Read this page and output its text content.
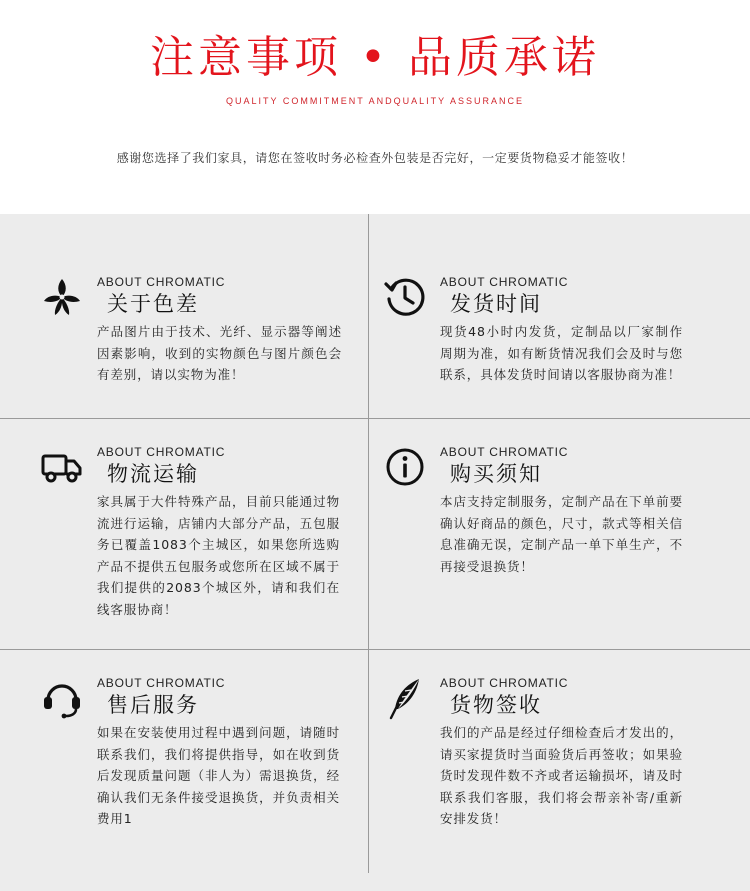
注意事项 • 品质承诺
QUALITY COMMITMENT ANDQUALITY ASSURANCE
感谢您选择了我们家具，请您在签收时务必检查外包装是否完好，一定要货物稳妥才能签收！
ABOUT CHROMATIC
关于色差
产品图片由于技术、光纤、显示器等阐述因素影响，收到的实物颜色与图片颜色会有差别，请以实物为准！
ABOUT CHROMATIC
发货时间
现货48小时内发货，定制品以厂家制作周期为准，如有断货情况我们会及时与您联系，具体发货时间请以客服协商为准！
ABOUT CHROMATIC
物流运输
家具属于大件特殊产品，目前只能通过物流进行运输，店铺内大部分产品，五包服务已覆盖1083个主城区，如果您所选购产品不提供五包服务或您所在区域不属于我们提供的2083个城区外，请和我们在线客服协商！
ABOUT CHROMATIC
购买须知
本店支持定制服务，定制产品在下单前要确认好商品的颜色，尺寸，款式等相关信息准确无误，定制产品一单下单生产，不再接受退换货！
ABOUT CHROMATIC
售后服务
如果在安装使用过程中遇到问题，请随时联系我们，我们将提供指导，如在收到货后发现质量问题（非人为）需退换货，经确认我们无条件接受退换货，并负责相关费用1
ABOUT CHROMATIC
货物签收
我们的产品是经过仔细检查后才发出的，请买家提货时当面验货后再签收；如果验货时发现件数不齐或者运输损坏，请及时联系我们客服，我们将会帮亲补寄/重新安排发货！
